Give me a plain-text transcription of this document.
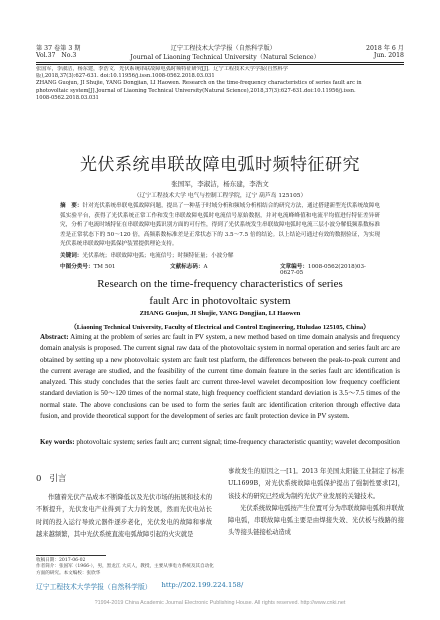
第 37 卷第 3 期	辽宁工程技术大学学报（自然科学版）	2018 年 6 月
Vol.37 No.3	Journal of Liaoning Technical University（Natural Science）	Jun. 2018
张国军，李淑洁，杨东建，李浩文．光伏系统串联故障电弧时频特征研究[J]．辽宁工程技术大学学报(自然科学
版),2018,37(3):627-631. doi:10.11956/j.issn.1008-0562.2018.03.031
ZHANG Guojun, JI Shujie, YANG Dongjian, LI Haowen. Research on the time-frequency characteristics of series fault arc in
photovoltaic system[J].Journal of Liaoning Technical University(Natural Science),2018,37(3):627-631.doi:10.11956/j.issn.
1008-0562.2018.03.031
光伏系统串联故障电弧时频特征研究
张国军，李淑洁，杨东建，李浩文
（辽宁工程技术大学 电气与控制工程学院，辽宁 葫芦岛 125105）
摘　要：针对光伏系统串联电弧故障问题，提出了一种基于时域分析和频域分析相结合的研究方法，通过搭建新型光伏系统故障电弧实验平台，获得了光伏系统正常工作和发生串联故障电弧时电流信号原始数据，并对电流峰峰值和电流平均值进行特征差异研究，分析了电流时域特征在串联故障电弧识别方面的可行性，得到了光伏系统发生串联故障电弧时电流三层小波分解低频系数标准差是正常状态下的 50～120 倍，高频系数标准差是正常状态下的 3.5～7.5 倍的结论。以上结论可通过有效的数据验证，为实现光伏系统串联故障电弧保护装置提供理论支持。
关键词：光伏系统；串联故障电弧；电流信号；时频特征量；小波分解
中图分类号：TM 501	文献标志码：A	文章编号：1008-0562(2018)03-0627-05
Research on the time-frequency characteristics of series
fault Arc in photovoltaic system
ZHANG Guojun, JI Shujie, YANG Dongjian, LI Haowen
（Liaoning Technical University, Faculty of Electrical and Control Engineering, Huludao 125105, China）
Abstract: Aiming at the problem of series arc fault in PV system, a new method based on time domain analysis and frequency domain analysis is proposed. The current signal raw data of the photovoltaic system in normal operation and series fault arc are obtained by setting up a new photovoltaic system arc fault test platform, the differences between the peak-to-peak current and the current average are studied, and the feasibility of the current time domain feature in the series fault arc identification is analyzed. This study concludes that the series fault arc current three-level wavelet decomposition low frequency coefficient standard deviation is 50～120 times of the normal state, high frequency coefficient standard deviation is 3.5～7.5 times of the normal state. The above conclusions can be used to form the series fault arc identification criterion through effective data fusion, and provide theoretical support for the development of series arc fault protection device in PV system.
Key words: photovoltaic system; series fault arc; current signal; time-frequency characteristic quantity; wavelet decomposition
0 引言
作随着光伏产品成本不断降低以及光伏市场的拓展和技术的不断提升，光伏发电产业得到了大力的发展，然而光伏电站长时间的投入运行导致元器件逐步老化，光伏发电的故障和事故越来越频繁，其中光伏系统直流电弧故障引起的火灾就是
事故发生的原因之一[1]。2013 年美国太阳能工业制定了标准 UL1699B，对光伏系统故障电弧保护提出了强制性要求[2]，该技术的研究已经成为制约光伏产业发展的关键技术。
光伏系统故障电弧按产生位置可分为串联故障电弧和并联故障电弧，串联故障电弧主要是由焊接失效、光伏板与线路的接头等接头链接松动造成
收稿日期：2017-06-02
作者简介：张国军（1966-），男，黑龙江 大庆人，教授，主要从事电力系统及其自动化方面的研究。本文编校：张欣华
辽宁工程技术大学学报（自然科学版） http://202.199.224.158/
?1994-2019 China Academic Journal Electronic Publishing House. All rights reserved. http://www.cnki.net
